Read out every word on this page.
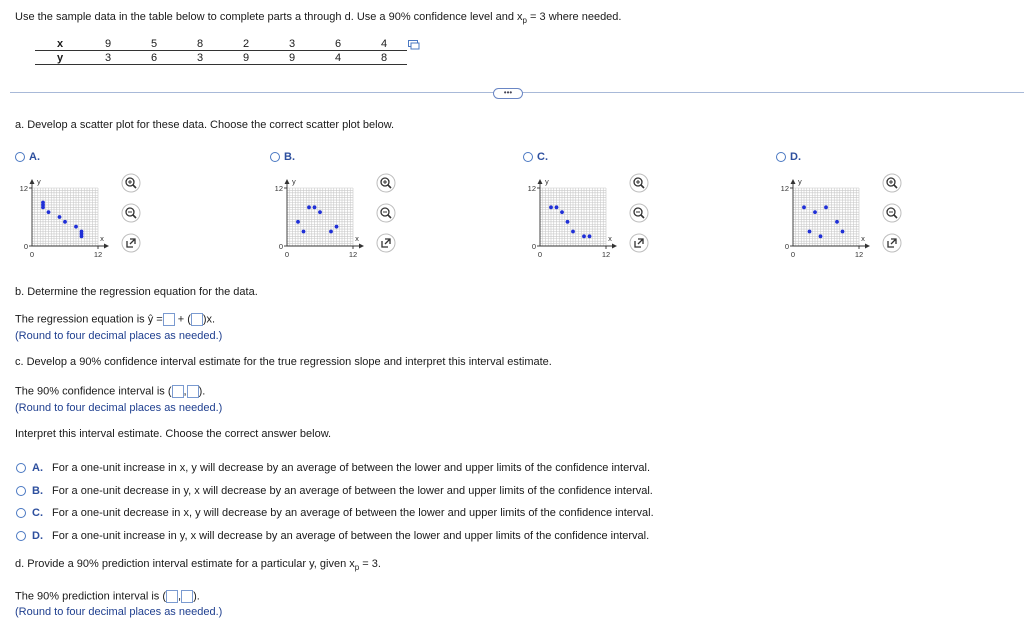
Use the sample data in the table below to complete parts a through d. Use a 90% confidence level and $x_p = 3$ where needed.
x	9	5	8	2	3	6	4
y	3	6	3	9	9	4	8
•••
a. Develop a scatter plot for these data. Choose the correct scatter plot below.
A.
12
0
0	12
x
y
B.
12
0
0	12
x
y
C.
12
0
0	12
x
y
D.
12
0
0	12
x
y
b. Determine the regression equation for the data.
The regression equation is ŷ = + ( )x.
(Round to four decimal places as needed.)
c. Develop a 90% confidence interval estimate for the true regression slope and interpret this interval estimate.
The 90% confidence interval is ( , ).
(Round to four decimal places as needed.)
Interpret this interval estimate. Choose the correct answer below.
A. For a one-unit increase in x, y will decrease by an average of between the lower and upper limits of the confidence interval.
B. For a one-unit decrease in y, x will decrease by an average of between the lower and upper limits of the confidence interval.
C. For a one-unit decrease in x, y will decrease by an average of between the lower and upper limits of the confidence interval.
D. For a one-unit increase in y, x will decrease by an average of between the lower and upper limits of the confidence interval.
d. Provide a 90% prediction interval estimate for a particular y, given $x_p = 3$.
The 90% prediction interval is ( , ).
(Round to four decimal places as needed.)
